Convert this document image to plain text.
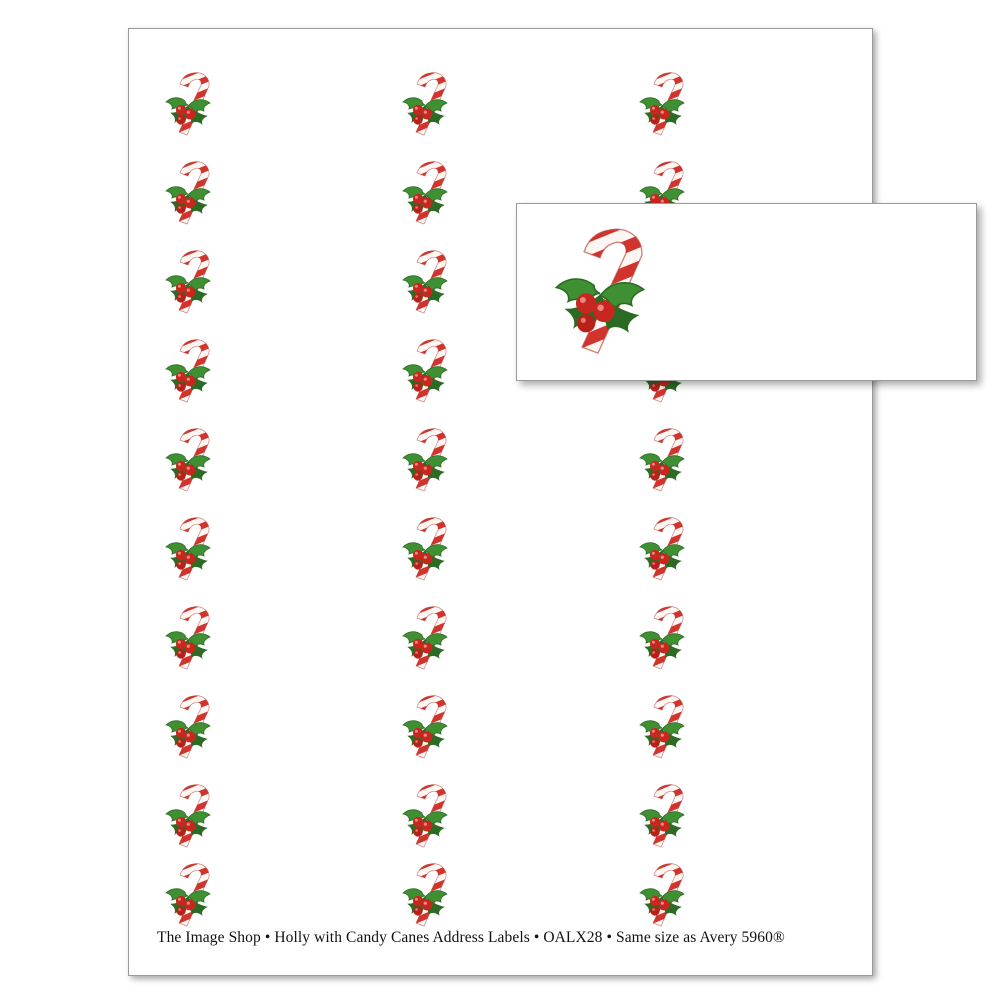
The Image Shop • Holly with Candy Canes Address Labels • OALX28 • Same size as Avery 5960®
